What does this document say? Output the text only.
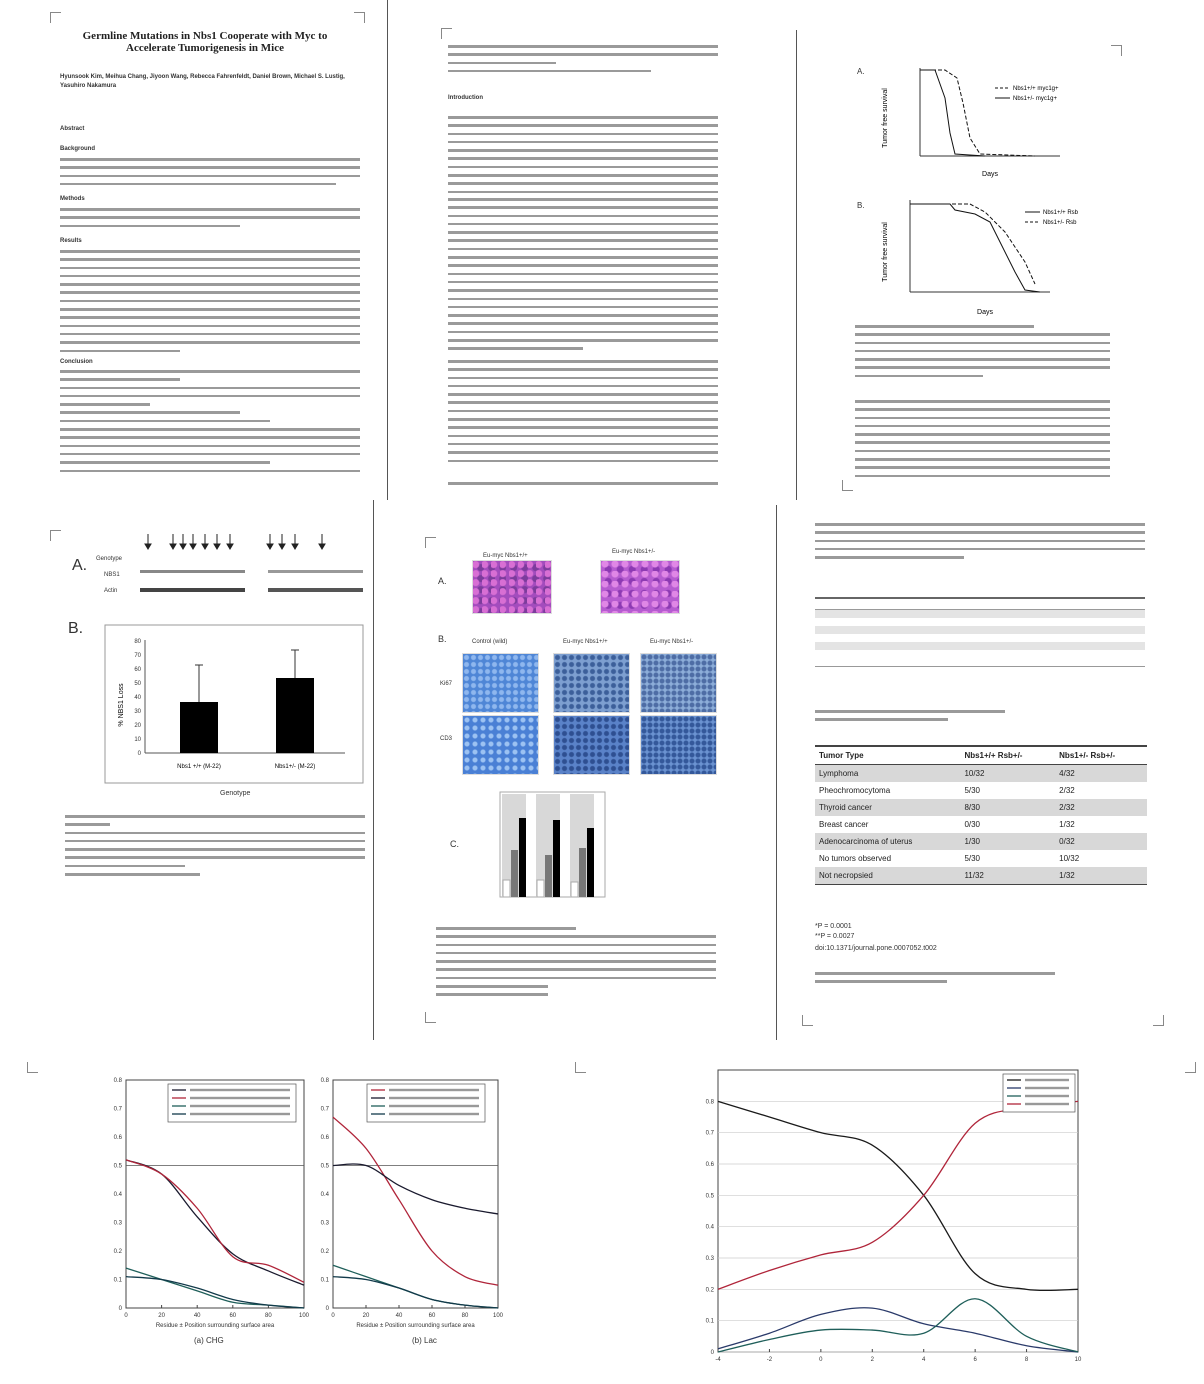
Germline Mutations in Nbs1 Cooperate with Myc to Accelerate Tumorigenesis in Mice
Hyunsook Kim, Meihua Chang, Jiyoon Wang, Rebecca Fahrenfeldt, Daniel Brown, Michael S. Lustig, Yasuhiro Nakamura
Abstract
Background
Methods
Results
Conclusion
Introduction
A.
B.
Tumor free survival
Days
Nbs1+/+ myc1g+
Nbs1+/- myc1g+
Tumor free survival
Days
Nbs1+/+ Rsb
Nbs1+/- Rsb
A. Genotype
NBS1
Actin
B.
% NBS1 Loss
0
10
20
30
40
50
60
70
80
Nbs1 +/+ (M-22)	Nbs1+/- (M-22)
Genotype
A.
Eu-myc Nbs1+/+
Eu-myc Nbs1+/-
B.	Control (wild)	Eu-myc Nbs1+/+	Eu-myc Nbs1+/-
Ki67
CD3
C.
Tumor Type	Nbs1+/+ Rsb+/-	Nbs1+/- Rsb+/-
Lymphoma	10/32	4/32
Pheochromocytoma	5/30	2/32
Thyroid cancer	8/30	2/32
Breast cancer	0/30	1/32
Adenocarcinoma of uterus	1/30	0/32
No tumors observed	5/30	10/32
Not necropsied	11/32	1/32
*P = 0.0001
**P = 0.0027
doi:10.1371/journal.pone.0007052.t002
0
0.1
0.2
0.3
0.4
0.5
0.6
0.7
0.8
0	20	40	60	80	100
Residue ± Position surrounding surface area
0
0.1
0.2
0.3
0.4
0.5
0.6
0.7
0.8
0	20	40	60	80	100
Residue ± Position surrounding surface area
(a) CHG	(b) Lac
0
0.1
0.2
0.3
0.4
0.5
0.6
0.7
0.8
-4	-2	0	2	4	6	8	10
